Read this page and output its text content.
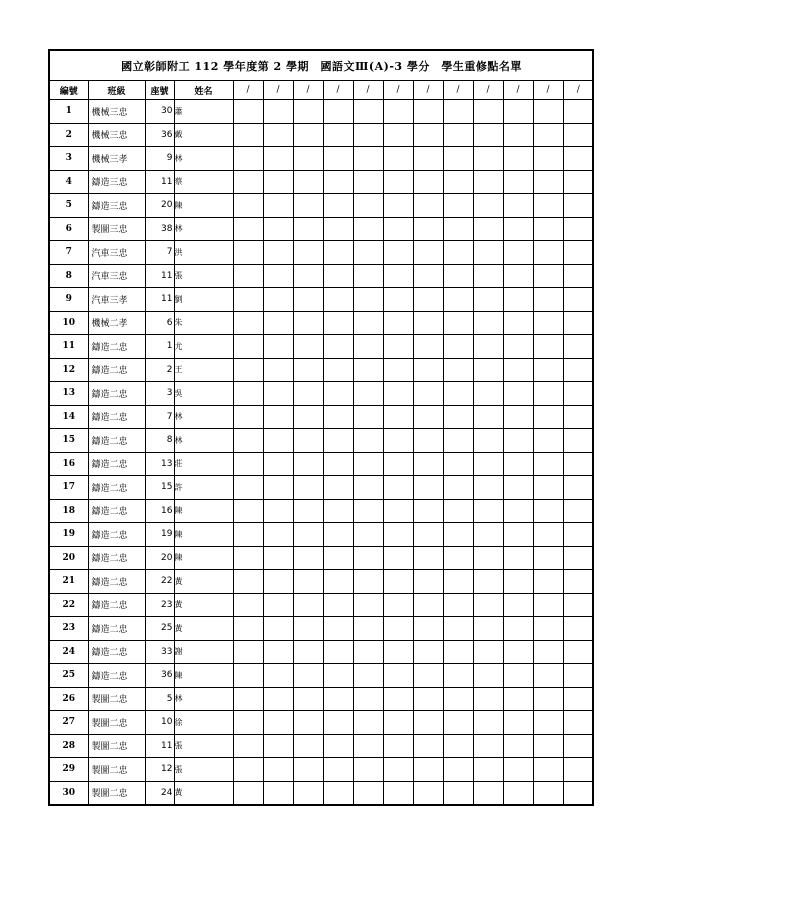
國立彰師附工 112 學年度第 2 學期　國語文Ⅲ(A)-3 學分　學生重修點名單																
編號	班級	座號	姓名		/	/	/	/	/	/	/	/	/	/	/	/
1	機械三忠	30	蕭													
2	機械三忠	36	戴													
3	機械三孝	9	林													
4	鑄造三忠	11	蔡													
5	鑄造三忠	20	陳													
6	製圖三忠	38	林													
7	汽車三忠	7	洪													
8	汽車三忠	11	張													
9	汽車三孝	11	劉													
10	機械二孝	6	朱													
11	鑄造二忠	1	尤													
12	鑄造二忠	2	王													
13	鑄造二忠	3	吳													
14	鑄造二忠	7	林													
15	鑄造二忠	8	林													
16	鑄造二忠	13	莊													
17	鑄造二忠	15	許													
18	鑄造二忠	16	陳													
19	鑄造二忠	19	陳													
20	鑄造二忠	20	陳													
21	鑄造二忠	22	黃													
22	鑄造二忠	23	黃													
23	鑄造二忠	25	黃													
24	鑄造二忠	33	謝													
25	鑄造二忠	36	陳													
26	製圖二忠	5	林													
27	製圖二忠	10	徐													
28	製圖二忠	11	張													
29	製圖二忠	12	張													
30	製圖二忠	24	黃													
